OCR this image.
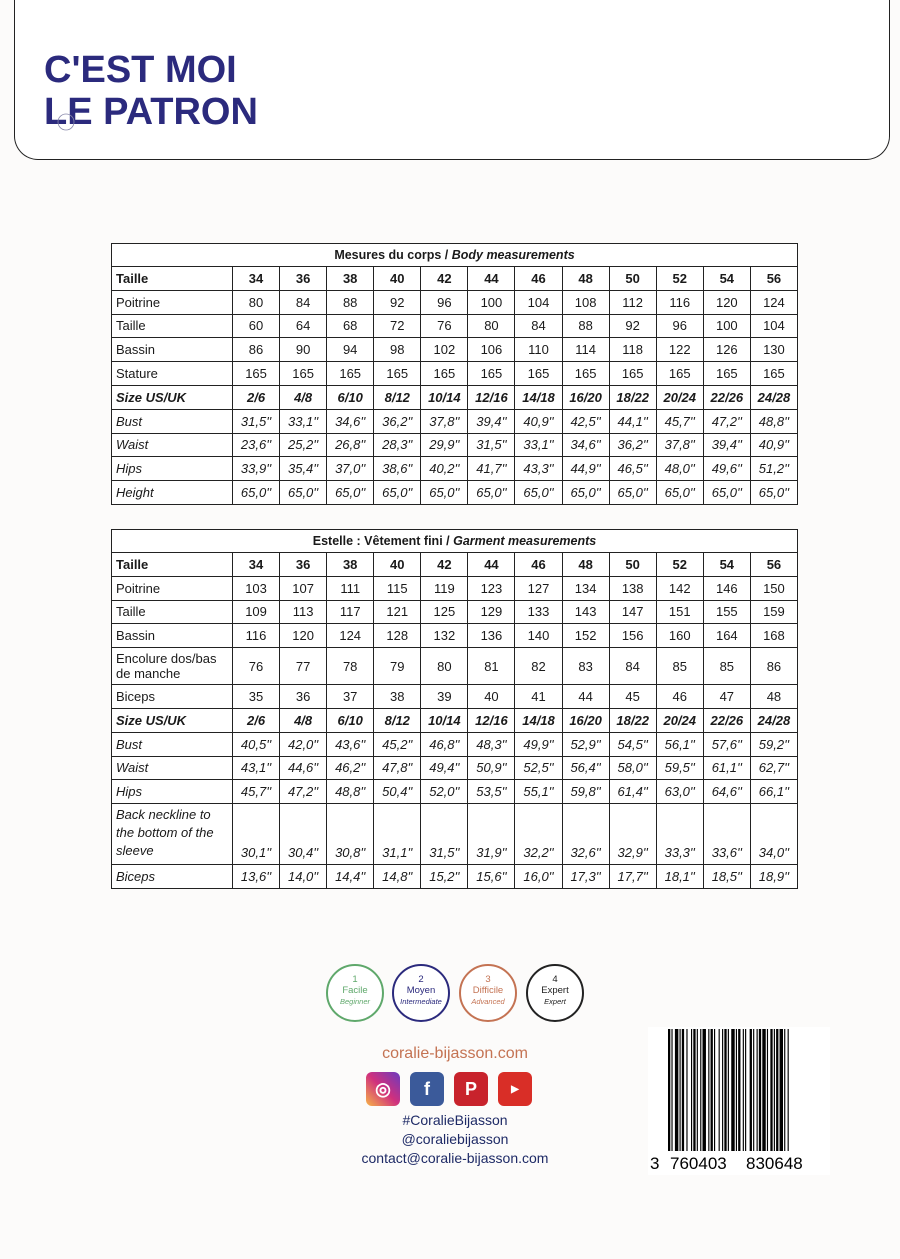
C'EST MOI
LE PATRON
Mesures du corps / Body measurements												
Taille	34	36	38	40	42	44	46	48	50	52	54	56
Poitrine	80	84	88	92	96	100	104	108	112	116	120	124
Taille	60	64	68	72	76	80	84	88	92	96	100	104
Bassin	86	90	94	98	102	106	110	114	118	122	126	130
Stature	165	165	165	165	165	165	165	165	165	165	165	165
Size US/UK	2/6	4/8	6/10	8/12	10/14	12/16	14/18	16/20	18/22	20/24	22/26	24/28
Bust	31,5''	33,1''	34,6''	36,2''	37,8''	39,4''	40,9''	42,5''	44,1''	45,7''	47,2''	48,8''
Waist	23,6''	25,2''	26,8''	28,3''	29,9''	31,5''	33,1''	34,6''	36,2''	37,8''	39,4''	40,9''
Hips	33,9''	35,4''	37,0''	38,6''	40,2''	41,7''	43,3''	44,9''	46,5''	48,0''	49,6''	51,2''
Height	65,0''	65,0''	65,0''	65,0''	65,0''	65,0''	65,0''	65,0''	65,0''	65,0''	65,0''	65,0''
Estelle : Vêtement fini / Garment measurements												
Taille	34	36	38	40	42	44	46	48	50	52	54	56
Poitrine	103	107	111	115	119	123	127	134	138	142	146	150
Taille	109	113	117	121	125	129	133	143	147	151	155	159
Bassin	116	120	124	128	132	136	140	152	156	160	164	168
Encolure dos/bas de manche	76	77	78	79	80	81	82	83	84	85	85	86
Biceps	35	36	37	38	39	40	41	44	45	46	47	48
Size US/UK	2/6	4/8	6/10	8/12	10/14	12/16	14/18	16/20	18/22	20/24	22/26	24/28
Bust	40,5''	42,0''	43,6''	45,2''	46,8''	48,3''	49,9''	52,9''	54,5''	56,1''	57,6''	59,2''
Waist	43,1''	44,6''	46,2''	47,8''	49,4''	50,9''	52,5''	56,4''	58,0''	59,5''	61,1''	62,7''
Hips	45,7''	47,2''	48,8''	50,4''	52,0''	53,5''	55,1''	59,8''	61,4''	63,0''	64,6''	66,1''
Back neckline to the bottom of the sleeve	30,1''	30,4''	30,8''	31,1''	31,5''	31,9''	32,2''	32,6''	32,9''	33,3''	33,6''	34,0''
Biceps	13,6''	14,0''	14,4''	14,8''	15,2''	15,6''	16,0''	17,3''	17,7''	18,1''	18,5''	18,9''
1
Facile
Beginner
2
Moyen
Intermediate
3
Difficile
Advanced
4
Expert
Expert
coralie-bijasson.com
◎	f	P	▶
#CoralieBijasson
@coraliebijasson
contact@coralie-bijasson.com	3 760403 830648
